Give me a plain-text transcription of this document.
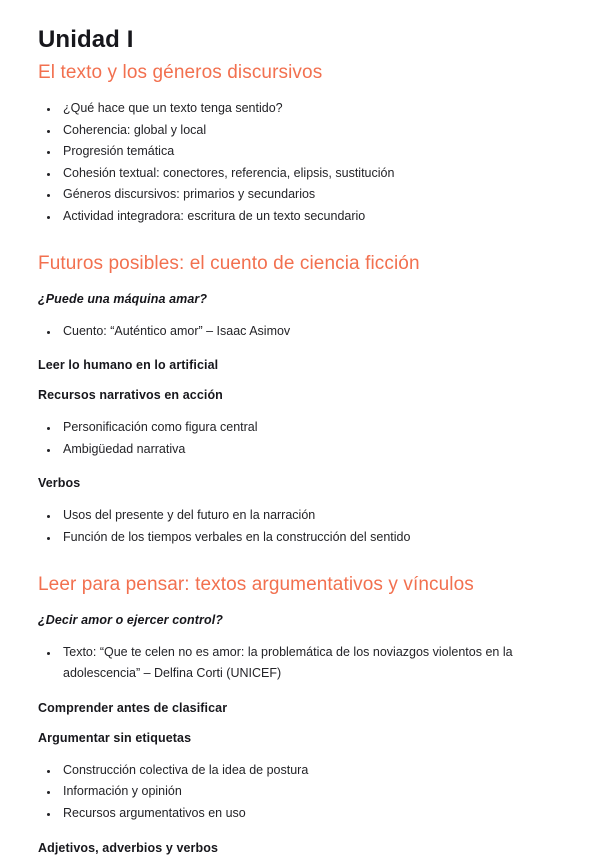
Unidad I
El texto y los géneros discursivos
• ¿Qué hace que un texto tenga sentido?
• Coherencia: global y local
• Progresión temática
• Cohesión textual: conectores, referencia, elipsis, sustitución
• Géneros discursivos: primarios y secundarios
• Actividad integradora: escritura de un texto secundario
Futuros posibles: el cuento de ciencia ficción

¿Puede una máquina amar?

• Cuento: “Auténtico amor” – Isaac Asimov

Leer lo humano en lo artificial

Recursos narrativos en acción

• Personificación como figura central
• Ambigüedad narrativa

Verbos

• Usos del presente y del futuro en la narración
• Función de los tiempos verbales en la construcción del sentido
Leer para pensar: textos argumentativos y vínculos

¿Decir amor o ejercer control?

• Texto: “Que te celen no es amor: la problemática de los noviazgos violentos en la adolescencia” – Delfina Corti (UNICEF)

Comprender antes de clasificar

Argumentar sin etiquetas

• Construcción colectiva de la idea de postura
• Información y opinión
• Recursos argumentativos en uso

Adjetivos, adverbios y verbos
